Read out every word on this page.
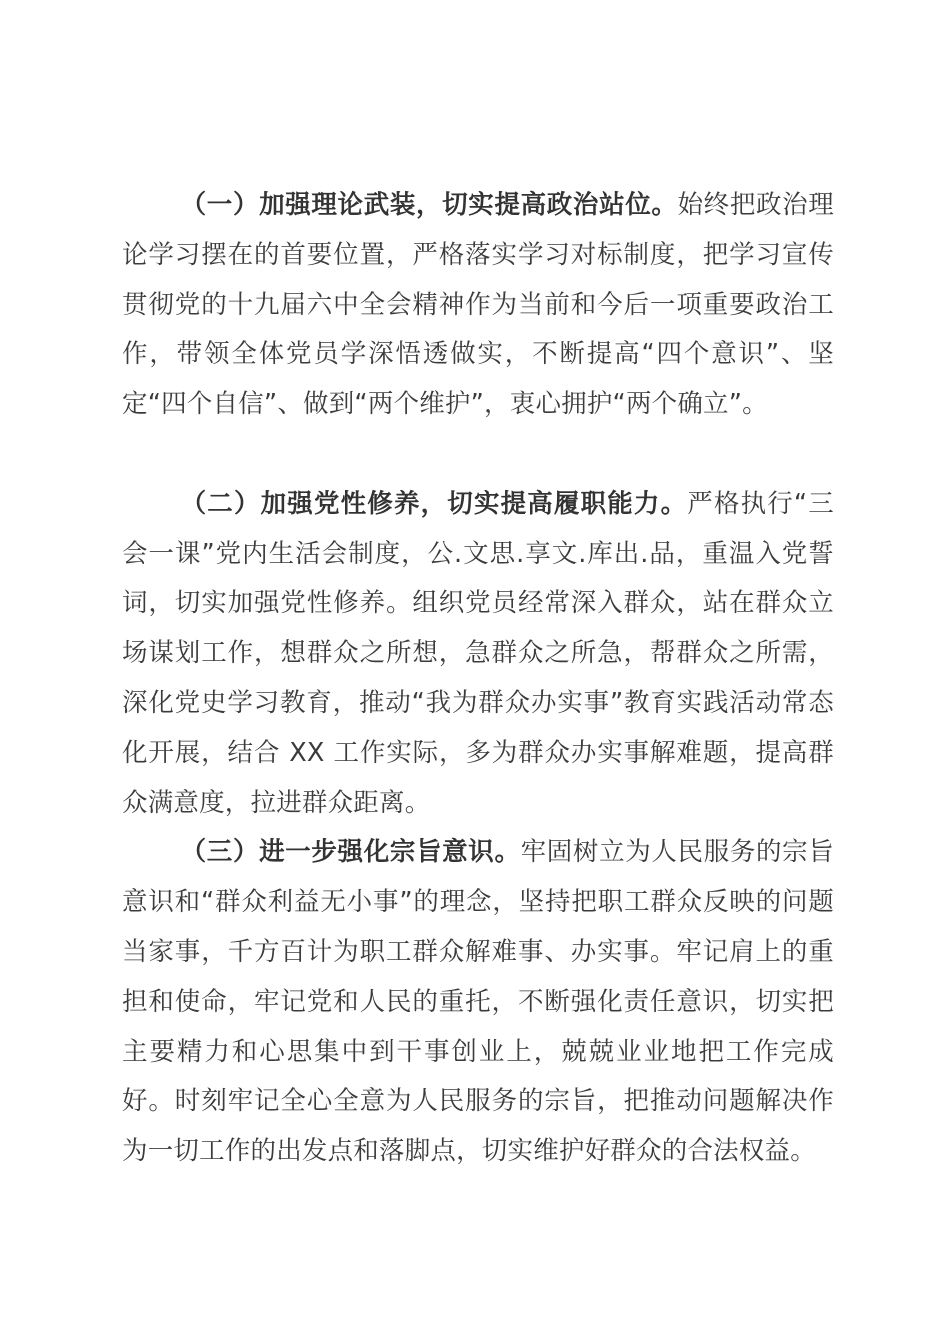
（一）加强理论武装，切实提高政治站位。始终把政治理论学习摆在的首要位置，严格落实学习对标制度，把学习宣传贯彻党的十九届六中全会精神作为当前和今后一项重要政治工作，带领全体党员学深悟透做实，不断提高“四个意识”、坚定“四个自信”、做到“两个维护”，衷心拥护“两个确立”。

（二）加强党性修养，切实提高履职能力。严格执行“三会一课”党内生活会制度，公.文思.享文.库出.品，重温入党誓词，切实加强党性修养。组织党员经常深入群众，站在群众立场谋划工作，想群众之所想，急群众之所急，帮群众之所需，深化党史学习教育，推动“我为群众办实事”教育实践活动常态化开展，结合 XX 工作实际，多为群众办实事解难题，提高群众满意度，拉进群众距离。

（三）进一步强化宗旨意识。牢固树立为人民服务的宗旨意识和“群众利益无小事”的理念，坚持把职工群众反映的问题当家事，千方百计为职工群众解难事、办实事。牢记肩上的重担和使命，牢记党和人民的重托，不断强化责任意识，切实把主要精力和心思集中到干事创业上，兢兢业业地把工作完成好。时刻牢记全心全意为人民服务的宗旨，把推动问题解决作为一切工作的出发点和落脚点，切实维护好群众的合法权益。
